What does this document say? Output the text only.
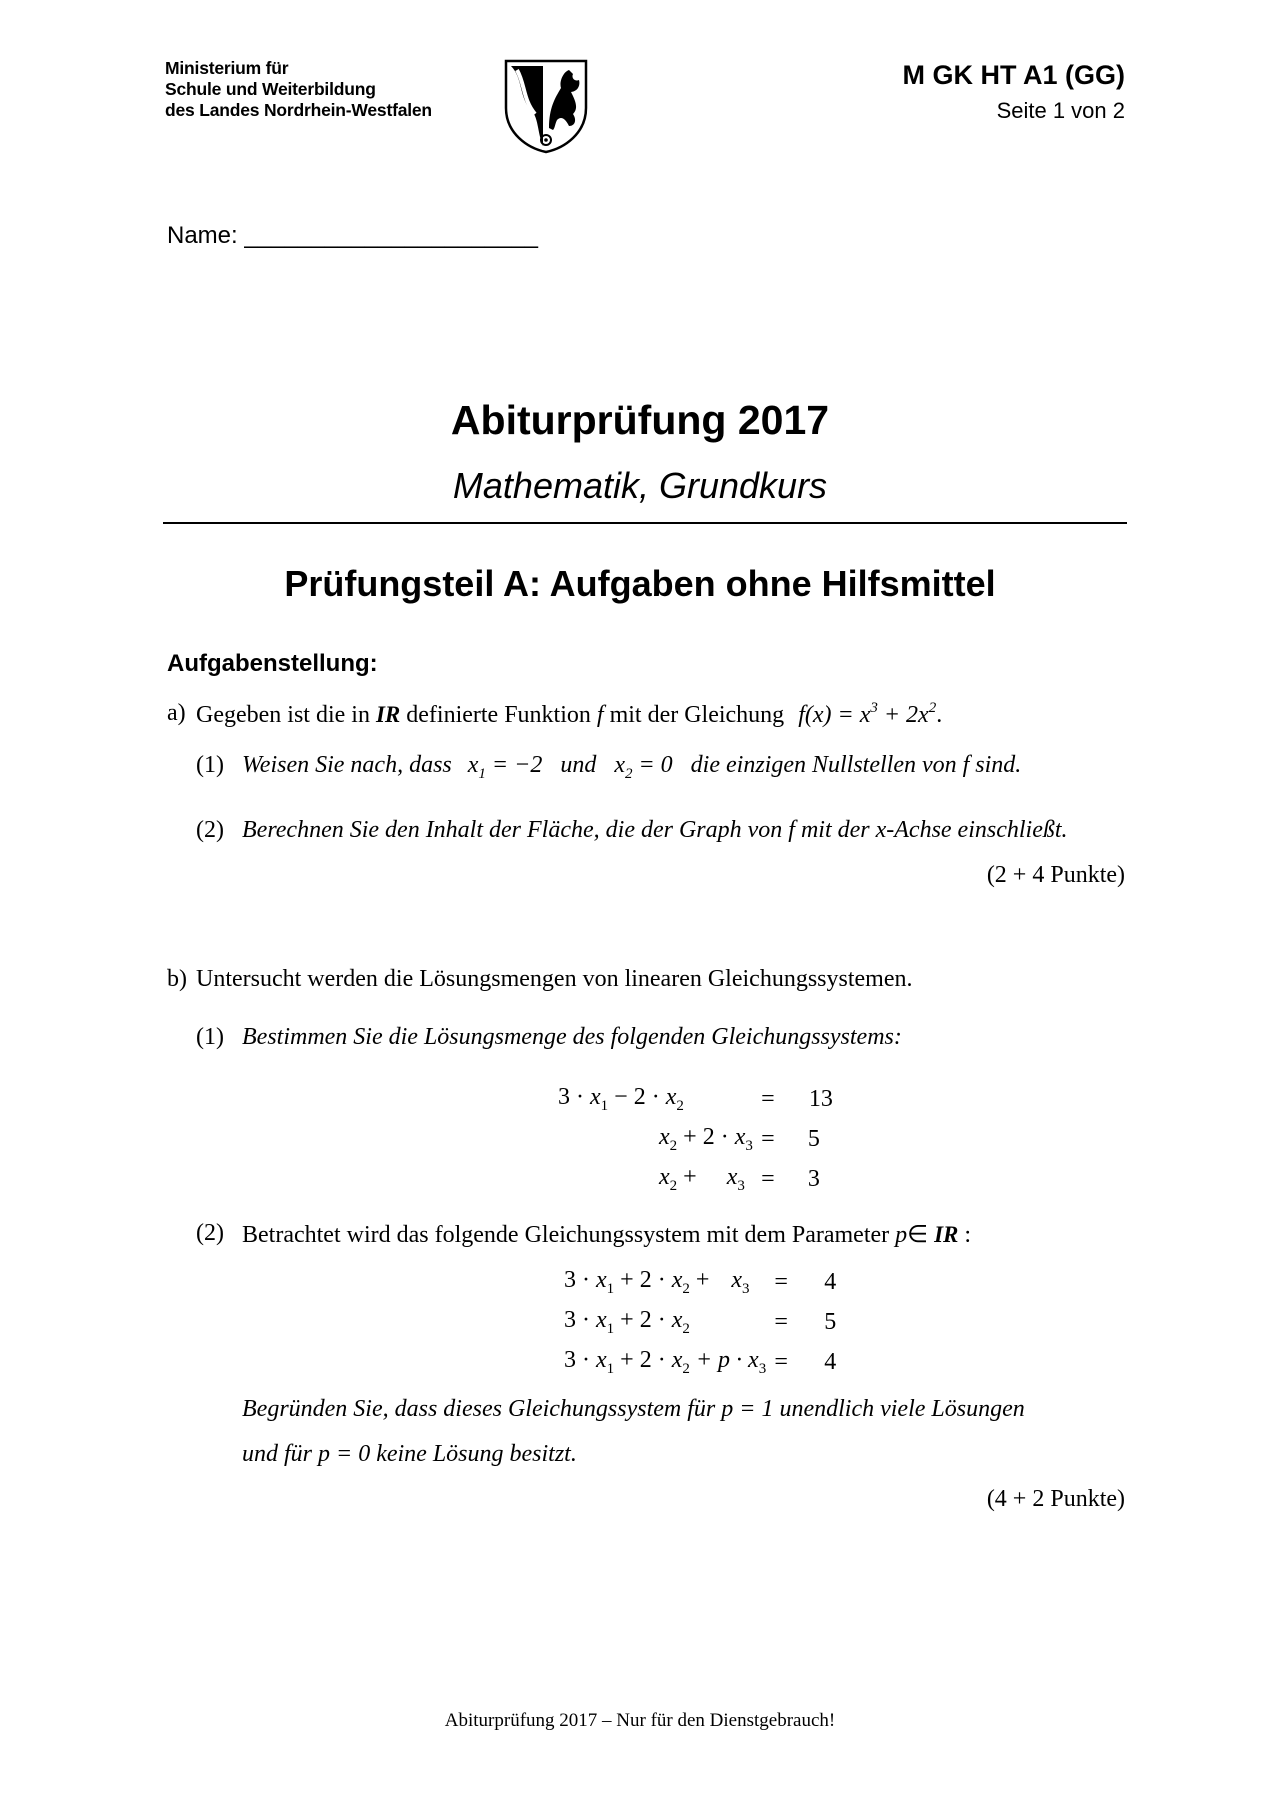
Ministerium für
Schule und Weiterbildung
des Landes Nordrhein-Westfalen
M GK HT A1 (GG)
Seite 1 von 2
Name: ______________________
Abiturprüfung 2017
Mathematik, Grundkurs
Prüfungsteil A: Aufgaben ohne Hilfsmittel
Aufgabenstellung:
a) Gegeben ist die in IR definierte Funktion f mit der Gleichung $f(x) = x^3 + 2x^2$.
(1) Weisen Sie nach, dass $x_1 = -2$ und $x_2 = 0$ die einzigen Nullstellen von f sind.
(2) Berechnen Sie den Inhalt der Fläche, die der Graph von f mit der x-Achse einschließt.
(2 + 4 Punkte)
b) Untersucht werden die Lösungsmengen von linearen Gleichungssystemen.
(1) Bestimmen Sie die Lösungsmenge des folgenden Gleichungssystems:
$3 \cdot x_1 - 2 \cdot x_2$	=	13
$x_2 + 2 \cdot x_3$	=	5
$x_2 + x_3$	=	3
(2) Betrachtet wird das folgende Gleichungssystem mit dem Parameter p∈ IR :
$3 \cdot x_1 + 2 \cdot x_2 + x_3$	=	4
$3 \cdot x_1 + 2 \cdot x_2$	=	5
$3 \cdot x_1 + 2 \cdot x_2 + p \cdot x_3$	=	4
Begründen Sie, dass dieses Gleichungssystem für p = 1 unendlich viele Lösungen
und für p = 0 keine Lösung besitzt.
(4 + 2 Punkte)
Abiturprüfung 2017 – Nur für den Dienstgebrauch!
